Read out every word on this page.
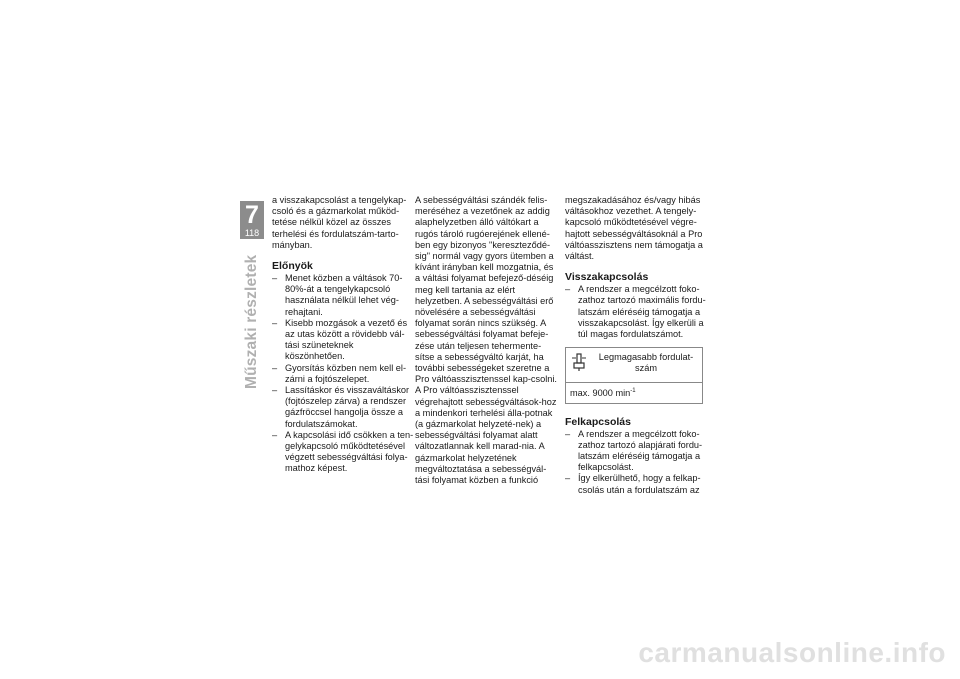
7
118
Műszaki részletek

a visszakapcsolást a tengelykap-csoló és a gázmarkolat működ-tetése nélkül közel az összes terhelési és fordulatszám-tarto-mányban.

Előnyök
– Menet közben a váltások 70-80%-át a tengelykapcsoló használata nélkül lehet vég-rehajtani.
– Kisebb mozgások a vezető és az utas között a rövidebb vál-tási szüneteknek köszönhetően.
– Gyorsítás közben nem kell el-zárni a fojtószelepet.
– Lassításkor és visszaváltáskor (fojtószelep zárva) a rendszer gázfröccsel hangolja össze a fordulatszámokat.
– A kapcsolási idő csökken a ten-gelykapcsoló működtetésével végzett sebességváltási folya-mathoz képest.

A sebességváltási szándék felis-meréséhez a vezetőnek az addig alaphelyzetben álló váltókart a rugós tároló rugóerejének ellené-ben egy bizonyos "kereszteződé-sig" normál vagy gyors ütemben a kívánt irányban kell mozgatnia, és a váltási folyamat befejező-déséig meg kell tartania az elért helyzetben. A sebességváltási erő növelésére a sebességváltási folyamat során nincs szükség. A sebességváltási folyamat befeje-zése után teljesen tehermente-sítse a sebességváltó karját, ha további sebességeket szeretne a Pro váltóasszisztenssel kap-csolni. A Pro váltóasszisztenssel végrehajtott sebességváltások-hoz a mindenkori terhelési álla-potnak (a gázmarkolat helyzeté-nek) a sebességváltási folyamat alatt változatlannak kell marad-nia. A gázmarkolat helyzetének megváltoztatása a sebességvál-tási folyamat közben a funkció

megszakadásához és/vagy hibás váltásokhoz vezethet. A tengely-kapcsoló működtetésével végre-hajtott sebességváltásoknál a Pro váltóasszisztens nem támogatja a váltást.

Visszakapcsolás
– A rendszer a megcélzott foko-zathoz tartozó maximális fordu-latszám eléréséig támogatja a visszakapcsolást. Így elkerüli a túl magas fordulatszámot.
Legmagasabb fordulat-szám
max. 9000 $\min^{-1}$
Felkapcsolás
– A rendszer a megcélzott foko-zathoz tartozó alapjárati fordu-latszám eléréséig támogatja a felkapcsolást.
– Így elkerülhető, hogy a felkap-csolás után a fordulatszám az
carmanualsonline.info
